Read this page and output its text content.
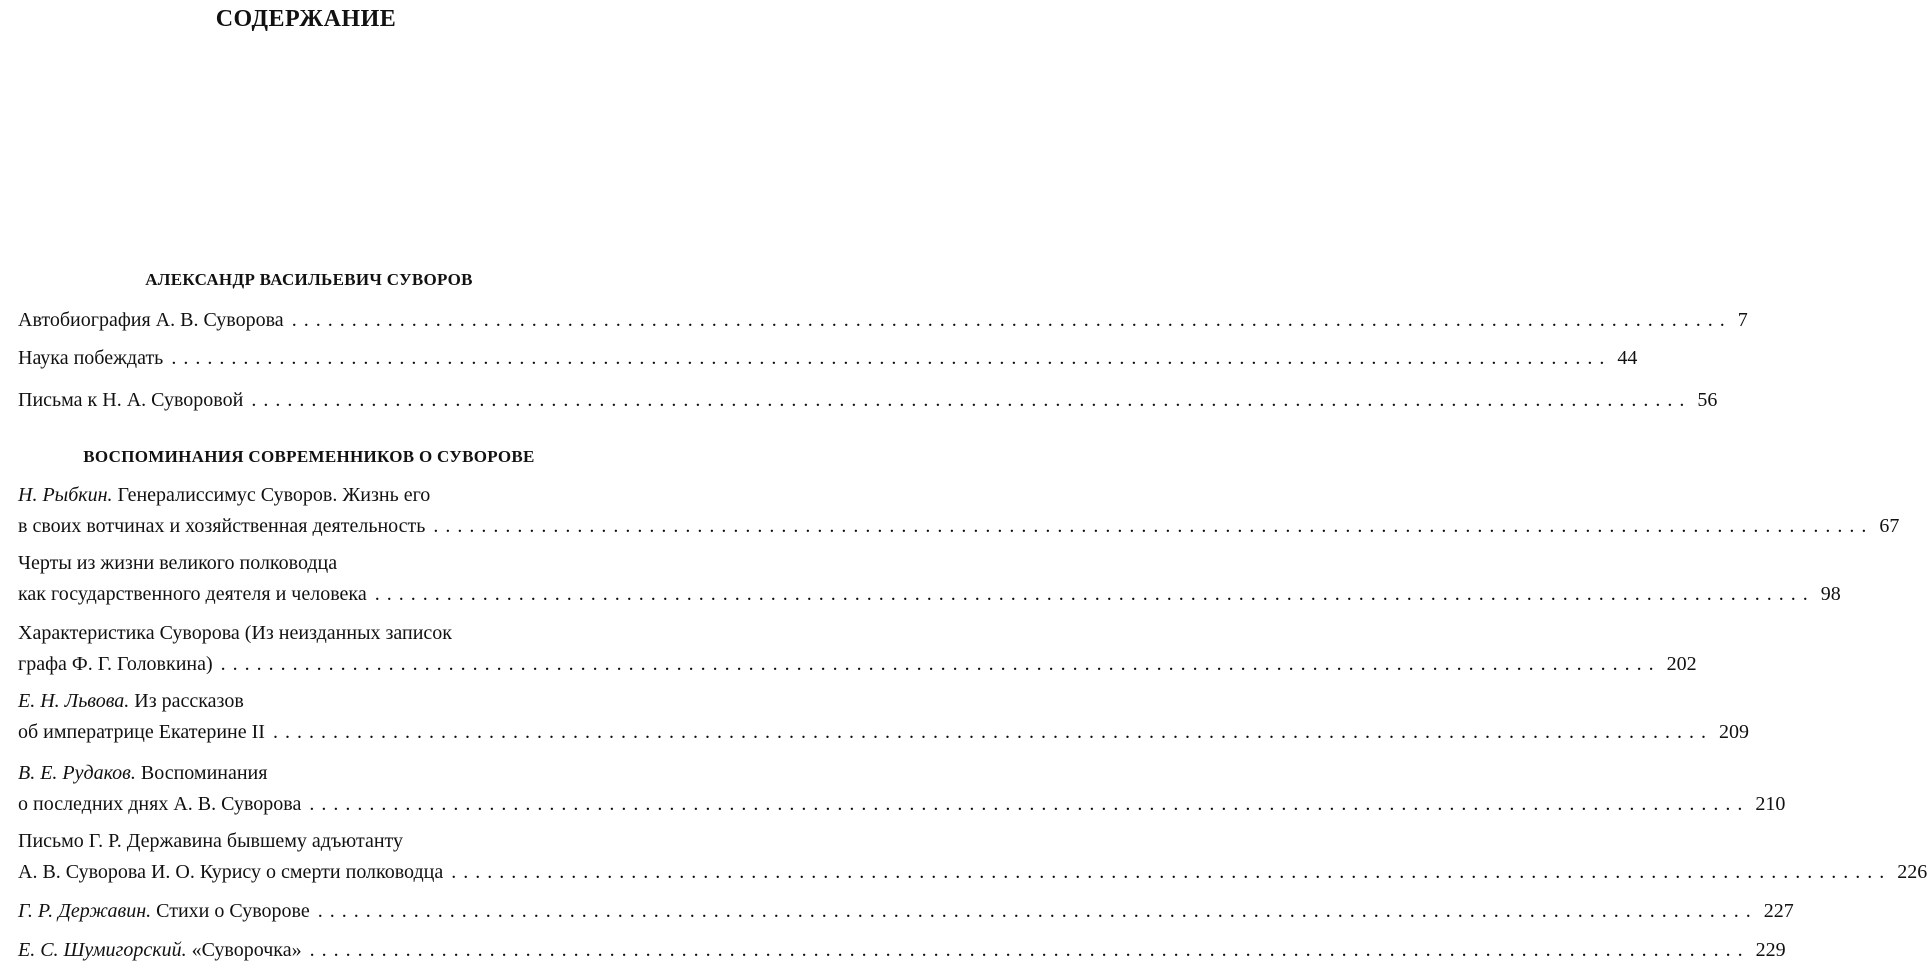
СОДЕРЖАНИЕ
АЛЕКСАНДР ВАСИЛЬЕВИЧ СУВОРОВ
Автобиография А. В. Суворова ........................................................................................................................ 7
Наука побеждать ........................................................................................................................ 44
Письма к Н. А. Суворовой ........................................................................................................................ 56
ВОСПОМИНАНИЯ СОВРЕМЕННИКОВ О СУВОРОВЕ
Н. Рыбкин. Генералиссимус Суворов. Жизнь его
в своих вотчинах и хозяйственная деятельность ........................................................................................................................ 67
Черты из жизни великого полководца
как государственного деятеля и человека ........................................................................................................................ 98
Характеристика Суворова (Из неизданных записок
графа Ф. Г. Головкина) ........................................................................................................................ 202
Е. Н. Львова. Из рассказов
об императрице Екатерине II ........................................................................................................................ 209
В. Е. Рудаков. Воспоминания
о последних днях А. В. Суворова ........................................................................................................................ 210
Письмо Г. Р. Державина бывшему адъютанту
А. В. Суворова И. О. Курису о смерти полководца ........................................................................................................................ 226
Г. Р. Державин. Стихи о Суворове ........................................................................................................................ 227
Е. С. Шумигорский. «Суворочка» ........................................................................................................................ 229
